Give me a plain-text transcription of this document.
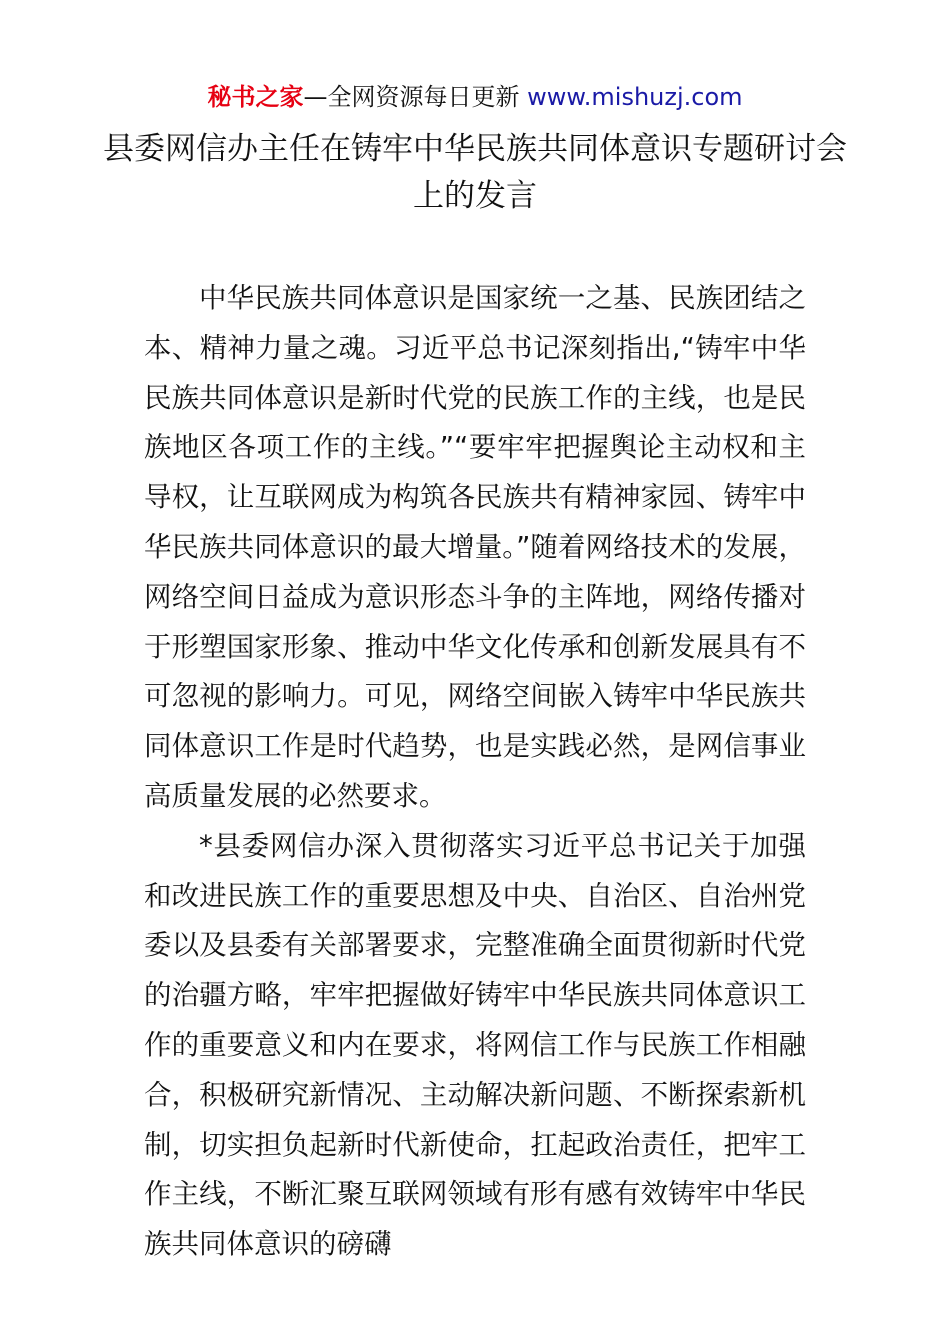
秘书之家—全网资源每日更新 www.mishuzj.com
县委网信办主任在铸牢中华民族共同体意识专题研讨会上的发言

中华民族共同体意识是国家统一之基、民族团结之本、精神力量之魂。习近平总书记深刻指出,“铸牢中华民族共同体意识是新时代党的民族工作的主线，也是民族地区各项工作的主线。”“要牢牢把握舆论主动权和主导权，让互联网成为构筑各民族共有精神家园、铸牢中华民族共同体意识的最大增量。”随着网络技术的发展，网络空间日益成为意识形态斗争的主阵地，网络传播对于形塑国家形象、推动中华文化传承和创新发展具有不可忽视的影响力。可见，网络空间嵌入铸牢中华民族共同体意识工作是时代趋势，也是实践必然，是网信事业高质量发展的必然要求。

*县委网信办深入贯彻落实习近平总书记关于加强和改进民族工作的重要思想及中央、自治区、自治州党委以及县委有关部署要求，完整准确全面贯彻新时代党的治疆方略，牢牢把握做好铸牢中华民族共同体意识工作的重要意义和内在要求，将网信工作与民族工作相融合，积极研究新情况、主动解决新问题、不断探索新机制，切实担负起新时代新使命，扛起政治责任，把牢工作主线，不断汇聚互联网领域有形有感有效铸牢中华民族共同体意识的磅礴
